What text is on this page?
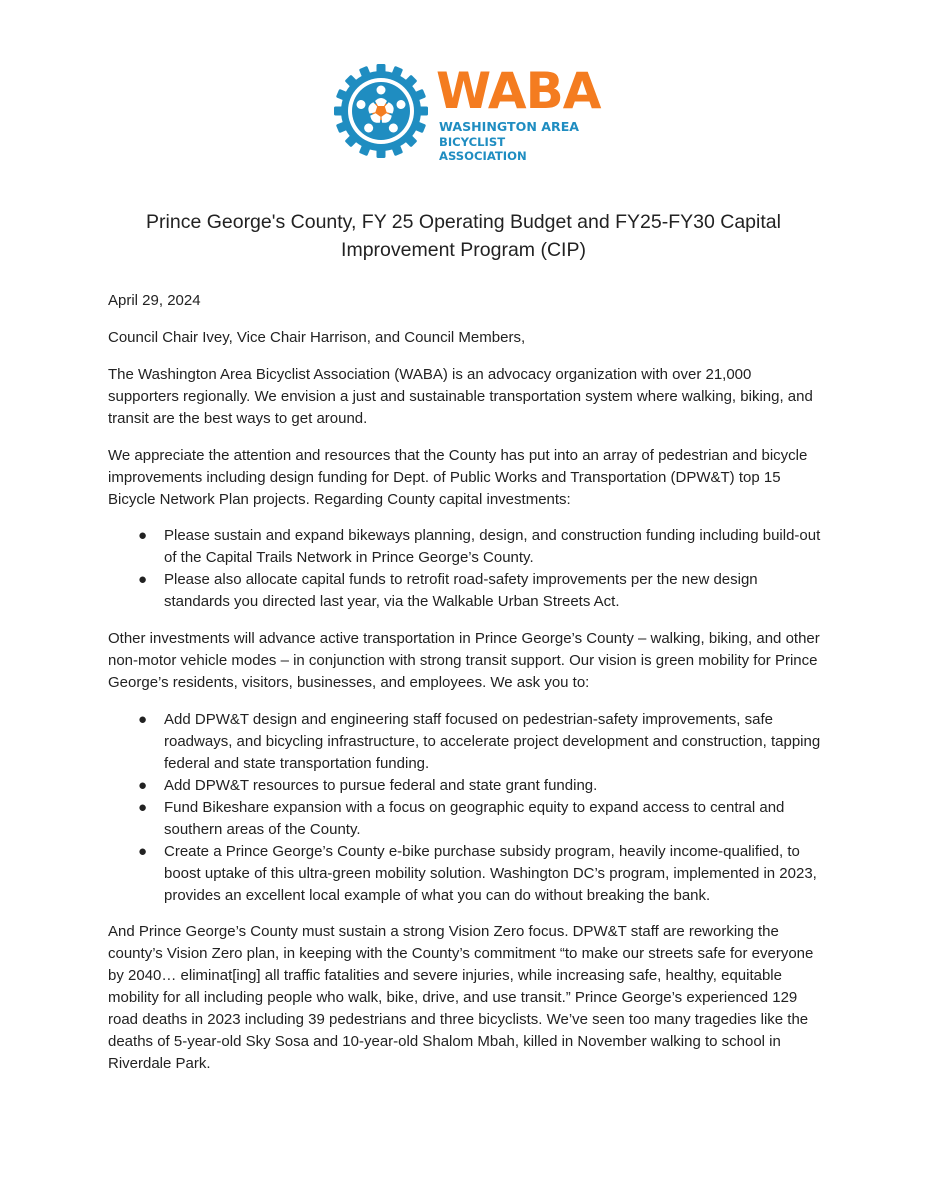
WABA
WASHINGTON AREA
BICYCLIST ASSOCIATION
Prince George's County, FY 25 Operating Budget and FY25-FY30 Capital
Improvement Program (CIP)

April 29, 2024

Council Chair Ivey, Vice Chair Harrison, and Council Members,

The Washington Area Bicyclist Association (WABA) is an advocacy organization with over 21,000 supporters regionally. We envision a just and sustainable transportation system where walking, biking, and transit are the best ways to get around.

We appreciate the attention and resources that the County has put into an array of pedestrian and bicycle improvements including design funding for Dept. of Public Works and Transportation (DPW&T) top 15 Bicycle Network Plan projects. Regarding County capital investments:

● Please sustain and expand bikeways planning, design, and construction funding including build-out of the Capital Trails Network in Prince George’s County.
● Please also allocate capital funds to retrofit road-safety improvements per the new design standards you directed last year, via the Walkable Urban Streets Act.

Other investments will advance active transportation in Prince George’s County – walking, biking, and other non-motor vehicle modes – in conjunction with strong transit support. Our vision is green mobility for Prince George’s residents, visitors, businesses, and employees. We ask you to:

● Add DPW&T design and engineering staff focused on pedestrian-safety improvements, safe roadways, and bicycling infrastructure, to accelerate project development and construction, tapping federal and state transportation funding.
● Add DPW&T resources to pursue federal and state grant funding.
● Fund Bikeshare expansion with a focus on geographic equity to expand access to central and southern areas of the County.
● Create a Prince George’s County e-bike purchase subsidy program, heavily income-qualified, to boost uptake of this ultra-green mobility solution. Washington DC’s program, implemented in 2023, provides an excellent local example of what you can do without breaking the bank.

And Prince George’s County must sustain a strong Vision Zero focus. DPW&T staff are reworking the county’s Vision Zero plan, in keeping with the County’s commitment “to make our streets safe for everyone by 2040… eliminat[ing] all traffic fatalities and severe injuries, while increasing safe, healthy, equitable mobility for all including people who walk, bike, drive, and use transit.” Prince George’s experienced 129 road deaths in 2023 including 39 pedestrians and three bicyclists. We’ve seen too many tragedies like the deaths of 5-year-old Sky Sosa and 10-year-old Shalom Mbah, killed in November walking to school in Riverdale Park.
